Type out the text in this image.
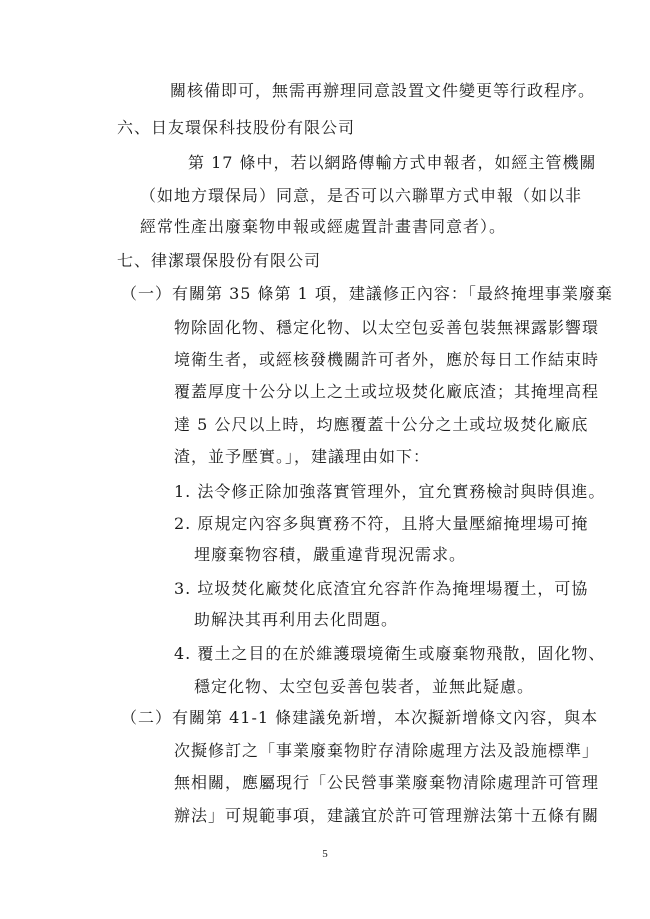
關核備即可，無需再辦理同意設置文件變更等行政程序。
六、日友環保科技股份有限公司
第 17 條中，若以網路傳輸方式申報者，如經主管機關
（如地方環保局）同意，是否可以六聯單方式申報（如以非
經常性產出廢棄物申報或經處置計畫書同意者）。
七、律潔環保股份有限公司
（一）有關第 35 條第 1 項，建議修正內容：「最終掩埋事業廢棄
物除固化物、穩定化物、以太空包妥善包裝無裸露影響環
境衛生者，或經核發機關許可者外，應於每日工作結束時
覆蓋厚度十公分以上之土或垃圾焚化廠底渣；其掩埋高程
達 5 公尺以上時，均應覆蓋十公分之土或垃圾焚化廠底
渣，並予壓實。」，建議理由如下：
1. 法令修正除加強落實管理外，宜允實務檢討與時俱進。
2. 原規定內容多與實務不符，且將大量壓縮掩埋場可掩
埋廢棄物容積，嚴重違背現況需求。
3. 垃圾焚化廠焚化底渣宜允容許作為掩埋場覆土，可協
助解決其再利用去化問題。
4. 覆土之目的在於維護環境衛生或廢棄物飛散，固化物、
穩定化物、太空包妥善包裝者，並無此疑慮。
（二）有關第 41-1 條建議免新增，本次擬新增條文內容，與本
次擬修訂之「事業廢棄物貯存清除處理方法及設施標準」
無相關，應屬現行「公民營事業廢棄物清除處理許可管理
辦法」可規範事項，建議宜於許可管理辦法第十五條有關
5
